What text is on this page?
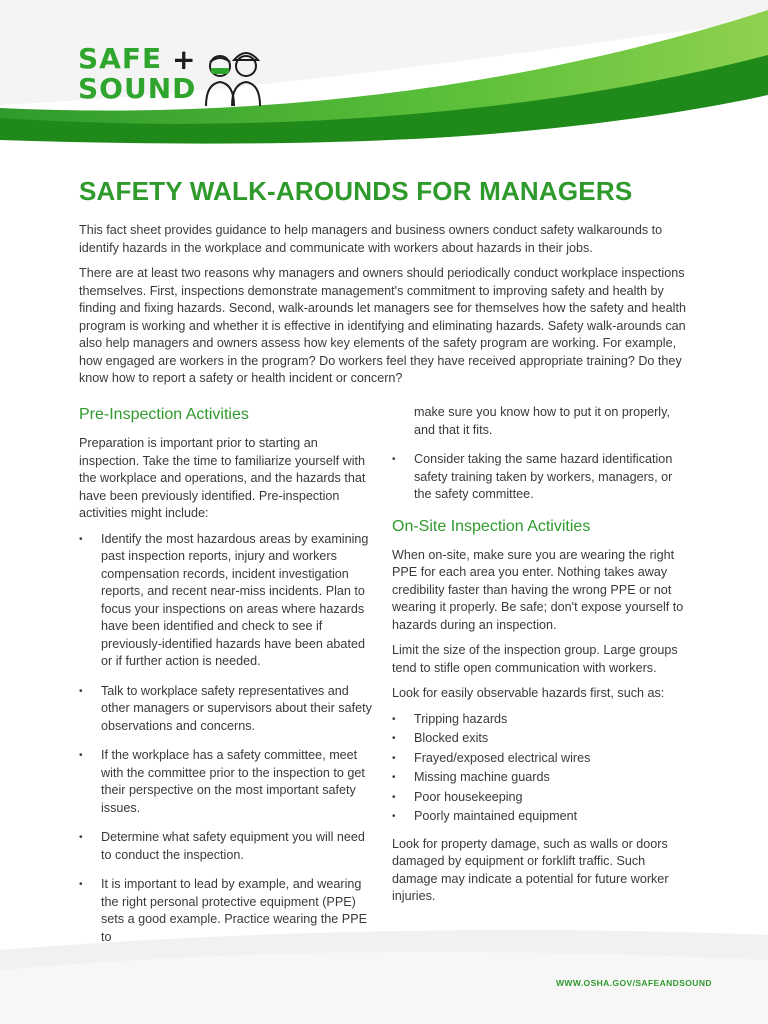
SAFE
SOUND
+
SAFETY WALK-AROUNDS FOR MANAGERS

This fact sheet provides guidance to help managers and business owners conduct safety walkarounds to identify hazards in the workplace and communicate with workers about hazards in their jobs.

There are at least two reasons why managers and owners should periodically conduct workplace inspections themselves. First, inspections demonstrate management's commitment to improving safety and health by finding and fixing hazards. Second, walk-arounds let managers see for themselves how the safety and health program is working and whether it is effective in identifying and eliminating hazards. Safety walk-arounds can also help managers and owners assess how key elements of the safety program are working. For example, how engaged are workers in the program? Do workers feel they have received appropriate training? Do they know how to report a safety or health incident or concern?

Pre-Inspection Activities

Preparation is important prior to starting an inspection. Take the time to familiarize yourself with the workplace and operations, and the hazards that have been previously identified. Pre-inspection activities might include:

• Identify the most hazardous areas by examining past inspection reports, injury and workers compensation records, incident investigation reports, and recent near-miss incidents. Plan to focus your inspections on areas where hazards have been identified and check to see if previously-identified hazards have been abated or if further action is needed.
• Talk to workplace safety representatives and other managers or supervisors about their safety observations and concerns.
• If the workplace has a safety committee, meet with the committee prior to the inspection to get their perspective on the most important safety issues.
• Determine what safety equipment you will need to conduct the inspection.
• It is important to lead by example, and wearing the right personal protective equipment (PPE) sets a good example. Practice wearing the PPE to
make sure you know how to put it on properly, and that it fits.
• Consider taking the same hazard identification safety training taken by workers, managers, or the safety committee.
On-Site Inspection Activities

When on-site, make sure you are wearing the right PPE for each area you enter. Nothing takes away credibility faster than having the wrong PPE or not wearing it properly. Be safe; don't expose yourself to hazards during an inspection.

Limit the size of the inspection group. Large groups tend to stifle open communication with workers.

Look for easily observable hazards first, such as:

• Tripping hazards
• Blocked exits
• Frayed/exposed electrical wires
• Missing machine guards
• Poor housekeeping
• Poorly maintained equipment

Look for property damage, such as walls or doors damaged by equipment or forklift traffic. Such damage may indicate a potential for future worker injuries.

WWW.OSHA.GOV/SAFEANDSOUND
